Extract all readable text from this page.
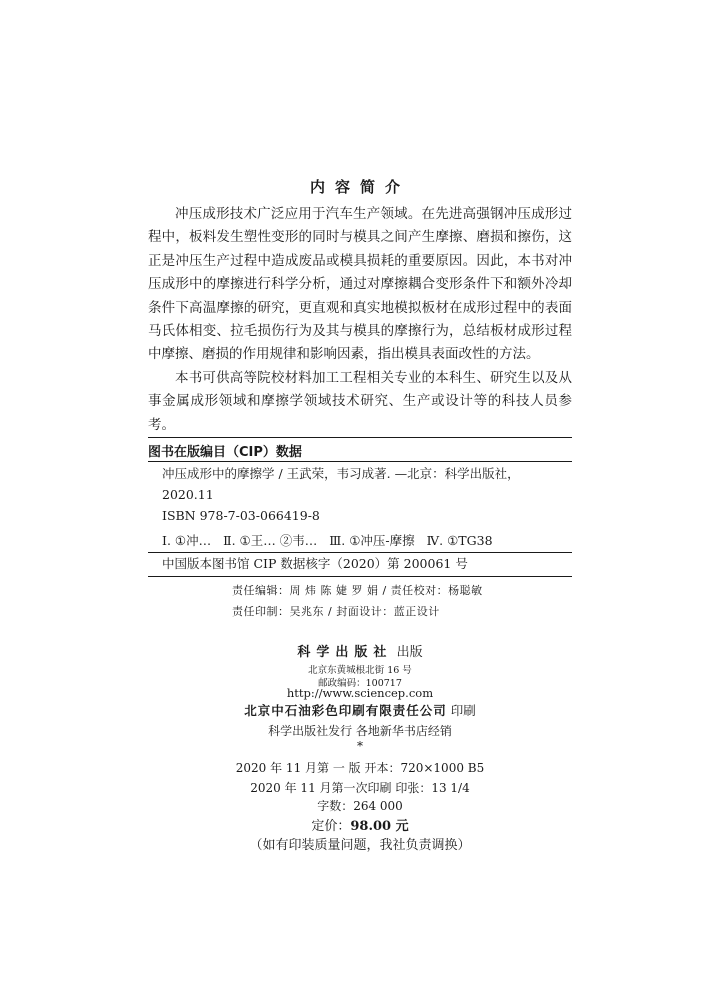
内容简介

冲压成形技术广泛应用于汽车生产领域。在先进高强钢冲压成形过程中，板料发生塑性变形的同时与模具之间产生摩擦、磨损和擦伤，这正是冲压生产过程中造成废品或模具损耗的重要原因。因此，本书对冲压成形中的摩擦进行科学分析，通过对摩擦耦合变形条件下和额外冷却条件下高温摩擦的研究，更直观和真实地模拟板材在成形过程中的表面马氏体相变、拉毛损伤行为及其与模具的摩擦行为，总结板材成形过程中摩擦、磨损的作用规律和影响因素，指出模具表面改性的方法。

本书可供高等院校材料加工工程相关专业的本科生、研究生以及从事金属成形领域和摩擦学领域技术研究、生产或设计等的科技人员参考。

图书在版编目（CIP）数据
冲压成形中的摩擦学 / 王武荣，韦习成著. —北京：科学出版社，
2020.11
ISBN 978-7-03-066419-8
Ⅰ. ①冲… Ⅱ. ①王… ②韦… Ⅲ. ①冲压-摩擦 Ⅳ. ①TG38
中国版本图书馆 CIP 数据核字（2020）第 200061 号
责任编辑：周 炜 陈 婕 罗 娟 / 责任校对：杨聪敏
责任印制：吴兆东 / 封面设计：蓝正设计
科学出版社 出版
北京东黄城根北街 16 号
邮政编码：100717
http://www.sciencep.com
北京中石油彩色印刷有限责任公司 印刷
科学出版社发行 各地新华书店经销
*
2020 年 11 月第 一 版 开本：720×1000 B5
2020 年 11 月第一次印刷 印张：13 1/4
字数：264 000
定价：98.00 元
（如有印装质量问题，我社负责调换）
